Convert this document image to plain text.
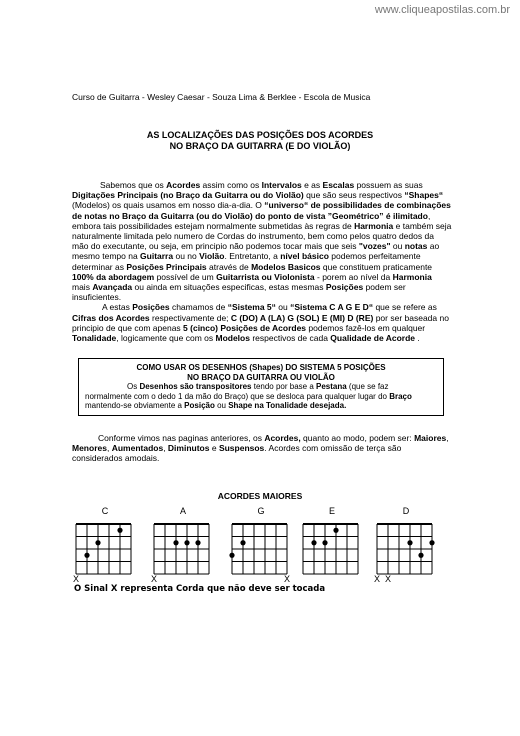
www.cliqueapostilas.com.br
Curso de Guitarra - Wesley Caesar - Souza Lima & Berklee - Escola de Musica
AS LOCALIZAÇÕES DAS POSIÇÕES DOS ACORDES
NO BRAÇO DA GUITARRA (E DO VIOLÃO)
Sabemos que os Acordes assim como os Intervalos e as Escalas possuem as suas Digitações Principais (no Braço da Guitarra ou do Violão) que são seus respectivos “Shapes“ (Modelos) os quais usamos em nosso dia-a-dia. O “universo“ de possibilidades de combinações de notas no Braço da Guitarra (ou do Violão) do ponto de vista ”Geométrico” é ilimitado, embora tais possibilidades estejam normalmente submetidas às regras de Harmonia e também seja naturalmente limitada pelo numero de Cordas do instrumento, bem como pelos quatro dedos da mão do executante, ou seja, em principio não podemos tocar mais que seis "vozes" ou notas ao mesmo tempo na Guitarra ou no Violão. Entretanto, a nível básico podemos perfeitamente determinar as Posições Principais através de Modelos Basicos que constituem praticamente 100% da abordagem possível de um Guitarrista ou Violonista - porem ao nível da Harmonia mais Avançada ou ainda em situações especificas, estas mesmas Posições podem ser insuficientes.
A estas Posições chamamos de “Sistema 5“ ou “Sistema C A G E D“ que se refere as Cifras dos Acordes respectivamente de; C (DO) A (LA) G (SOL) E (MI) D (RE) por ser baseada no principio de que com apenas 5 (cinco) Posições de Acordes podemos fazê-los em qualquer Tonalidade, logicamente que com os Modelos respectivos de cada Qualidade de Acorde .
COMO USAR OS DESENHOS (Shapes) DO SISTEMA 5 POSIÇÕES
NO BRAÇO DA GUITARRA OU VIOLÃO
Os Desenhos são transpositores tendo por base a Pestana (que se faz normalmente com o dedo 1 da mão do Braço) que se desloca para qualquer lugar do Braço mantendo-se obviamente a Posição ou Shape na Tonalidade desejada.
Conforme vimos nas paginas anteriores, os Acordes, quanto ao modo, podem ser: Maiores, Menores, Aumentados, Diminutos e Suspensos. Acordes com omissão de terça são considerados amodais.
ACORDES MAIORES
C
X
A
X
G
X
E	D
X X
O Sinal X representa Corda que não deve ser tocada
